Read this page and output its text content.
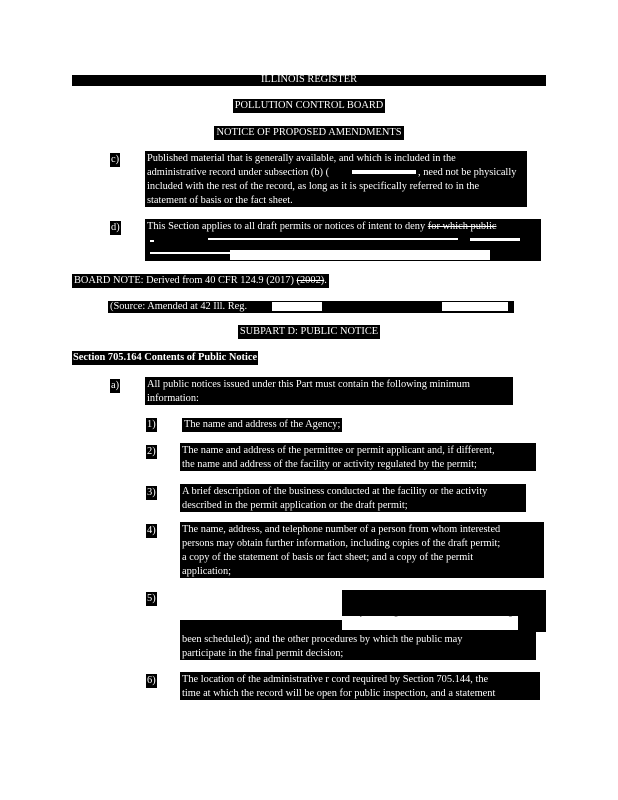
ILLINOIS REGISTER
POLLUTION CONTROL BOARD
NOTICE OF PROPOSED AMENDMENTS
c)	Published material that is generally available, and which is included in the
administrative record under subsection (b) (	, need not be physically
included with the rest of the record, as long as it is specifically referred to in the
statement of basis or the fact sheet.
d)	This Section applies to all draft permits or notices of intent to deny for which public
BOARD NOTE: Derived from 40 CFR 124.9 (2017) (2002).
(Source: Amended at 42 Ill. Reg.	, effective	)
SUBPART D: PUBLIC NOTICE
Section 705.164 Contents of Public Notice
a)	All public notices issued under this Part must contain the following minimum
information:
1)	The name and address of the Agency;
2)	The name and address of the permittee or permit applicant and, if different,
the name and address of the facility or activity regulated by the permit;
3)	A brief description of the business conducted at the facility or the activity
described in the permit application or the draft permit;
4)	The name, address, and telephone number of a person from whom interested
persons may obtain further information, including copies of the draft permit;
a copy of the statement of basis or fact sheet; and a copy of the permit
application;
5)	procedures required by Sections 705.181
any hearing that will be held, including a
cady
been scheduled); and the other procedures by which the public may
participate in the final permit decision;
6)	The location of the administrative r cord required by Section 705.144, the
time at which the record will be open for public inspection, and a statement
